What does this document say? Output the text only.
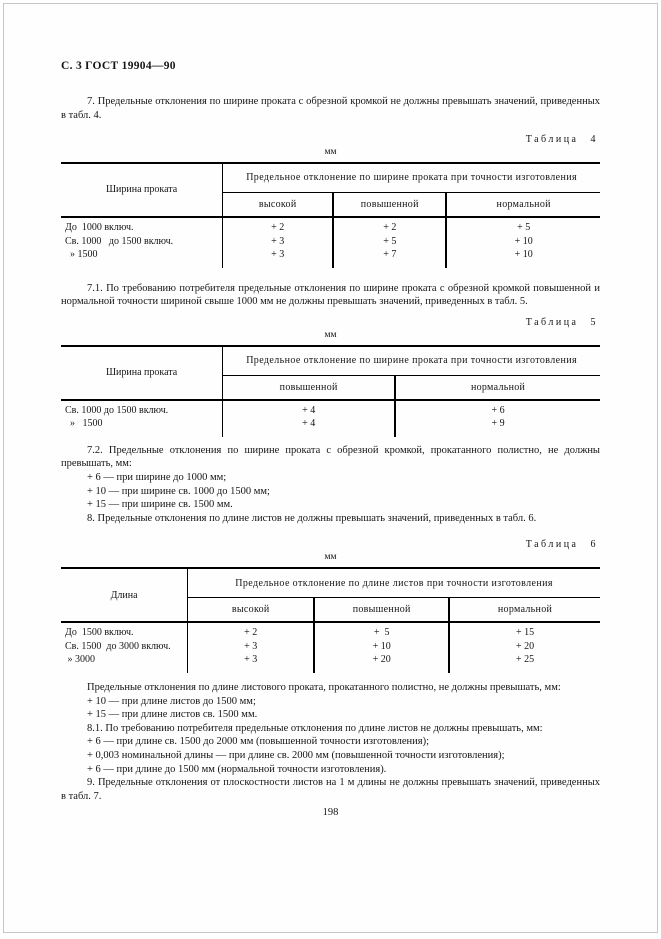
С. 3 ГОСТ 19904—90

7. Предельные отклонения по ширине проката с обрезной кромкой не должны превышать значений, приведенных в табл. 4.

Таблица 4
мм
Ширина проката	Предельное отклонение по ширине проката при точности изготовления		
	высокой	повышенной	нормальной
До  1000 включ.	+ 2	+ 2	+ 5
Св. 1000   до 1500 включ.	+ 3	+ 5	+ 10
» 1500	+ 3	+ 7	+ 10

7.1. По требованию потребителя предельные отклонения по ширине проката с обрезной кромкой повышенной и нормальной точности шириной свыше 1000 мм не должны превышать значений, приведенных в табл. 5.

Таблица 5
мм
Ширина проката	Предельное отклонение по ширине проката при точности изготовления	
	повышенной	нормальной
Св. 1000 до 1500 включ.	+ 4	+ 6
»   1500	+ 4	+ 9

7.2. Предельные отклонения по ширине проката с обрезной кромкой, прокатанного полистно, не должны превышать, мм:

+ 6 — при ширине до 1000 мм;
+ 10 — при ширине св. 1000 до 1500 мм;
+ 15 — при ширине св. 1500 мм.

8. Предельные отклонения по длине листов не должны превышать значений, приведенных в табл. 6.

Таблица 6
мм
Длина	Предельное отклонение по длине листов при точности изготовления		
	высокой	повышенной	нормальной
До  1500 включ.	+ 2	+  5	+ 15
Св. 1500  до 3000 включ.	+ 3	+ 10	+ 20
» 3000	+ 3	+ 20	+ 25

Предельные отклонения по длине листового проката, прокатанного полистно, не должны превышать, мм:

+ 10 — при длине листов до 1500 мм;
+ 15 — при длине листов св. 1500 мм.

8.1. По требованию потребителя предельные отклонения по длине листов не должны превышать, мм:

+ 6 — при длине св. 1500 до 2000 мм (повышенной точности изготовления);
+ 0,003 номинальной длины — при длине св. 2000 мм (повышенной точности изготовления);
+ 6 — при длине до 1500 мм (нормальной точности изготовления).

9. Предельные отклонения от плоскостности листов на 1 м длины не должны превышать значений, приведенных в табл. 7.

198
